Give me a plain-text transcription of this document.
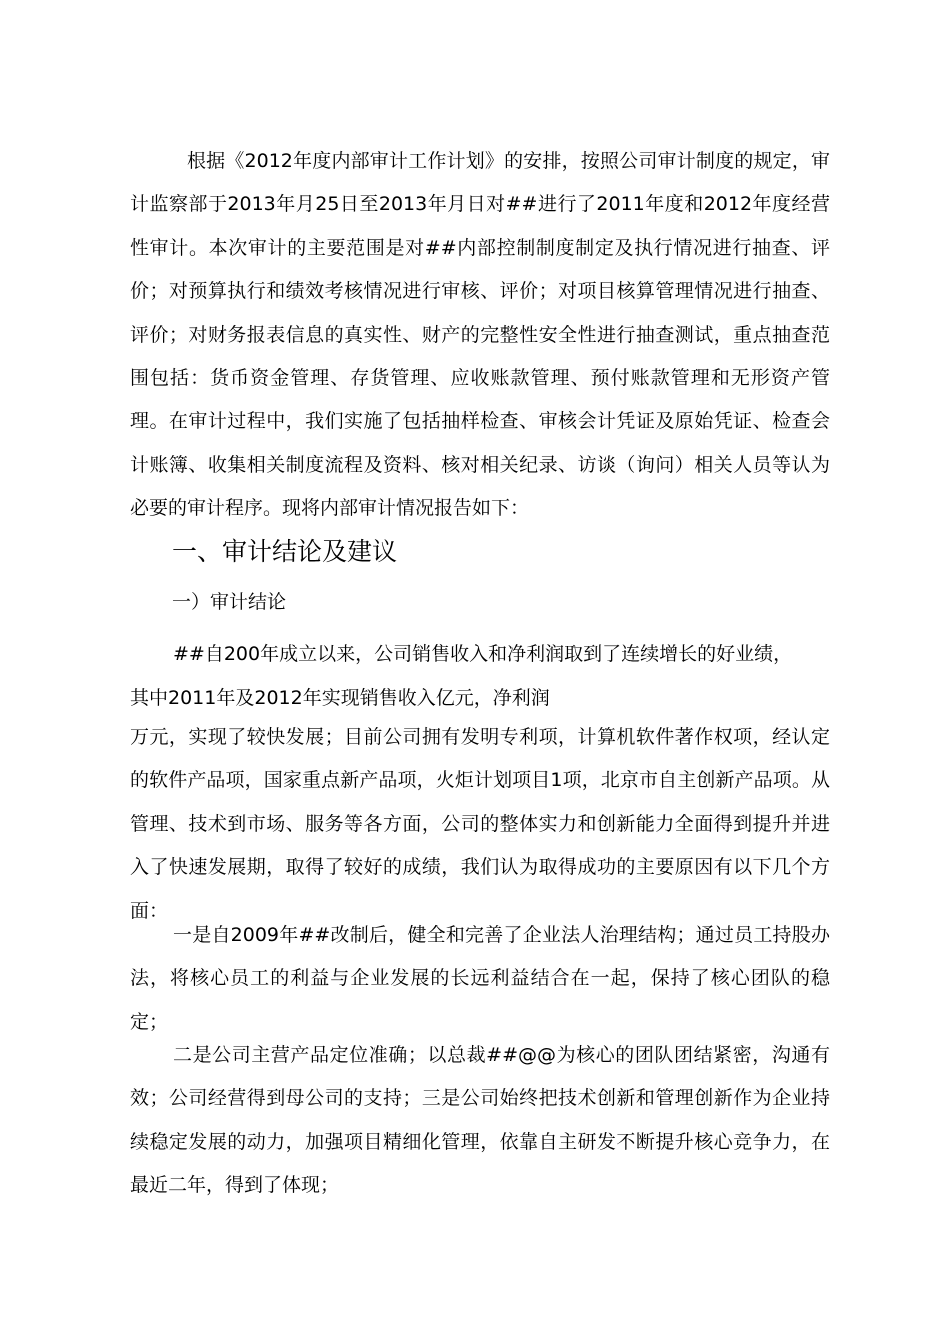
根据《2012年度内部审计工作计划》的安排，按照公司审计制度的规定，审计监察部于2013年月25日至2013年月日对##进行了2011年度和2012年度经营性审计。本次审计的主要范围是对##内部控制制度制定及执行情况进行抽查、评价；对预算执行和绩效考核情况进行审核、评价；对项目核算管理情况进行抽查、评价；对财务报表信息的真实性、财产的完整性安全性进行抽查测试，重点抽查范围包括：货币资金管理、存货管理、应收账款管理、预付账款管理和无形资产管理。在审计过程中，我们实施了包括抽样检查、审核会计凭证及原始凭证、检查会计账簿、收集相关制度流程及资料、核对相关纪录、访谈（询问）相关人员等认为必要的审计程序。现将内部审计情况报告如下：

一、审计结论及建议
一）审计结论
##自200年成立以来，公司销售收入和净利润取到了连续增长的好业绩，
其中2011年及2012年实现销售收入亿元，净利润

万元，实现了较快发展；目前公司拥有发明专利项，计算机软件著作权项，经认定的软件产品项，国家重点新产品项，火炬计划项目1项，北京市自主创新产品项。从管理、技术到市场、服务等各方面，公司的整体实力和创新能力全面得到提升并进入了快速发展期，取得了较好的成绩，我们认为取得成功的主要原因有以下几个方面：

一是自2009年##改制后，健全和完善了企业法人治理结构；通过员工持股办法，将核心员工的利益与企业发展的长远利益结合在一起，保持了核心团队的稳定；

二是公司主营产品定位准确；以总裁##@@为核心的团队团结紧密，沟通有效；公司经营得到母公司的支持；三是公司始终把技术创新和管理创新作为企业持续稳定发展的动力，加强项目精细化管理，依靠自主研发不断提升核心竞争力，在最近二年，得到了体现；
